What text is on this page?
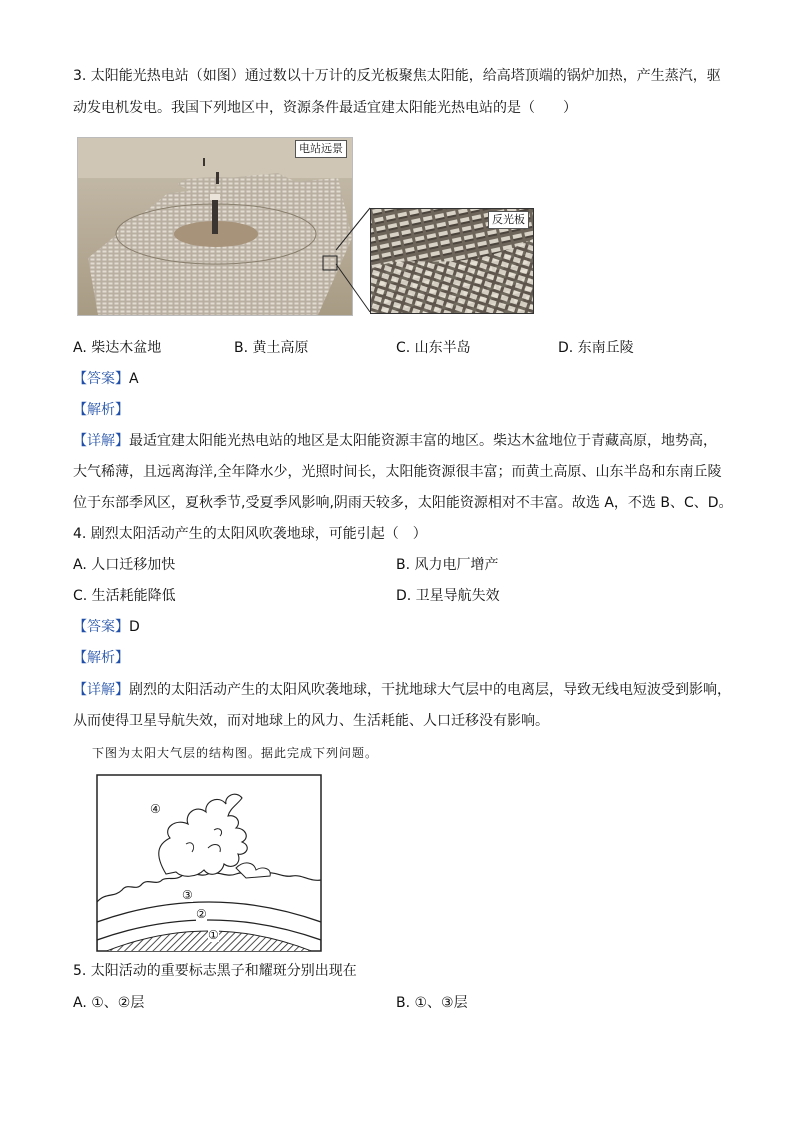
3. 太阳能光热电站（如图）通过数以十万计的反光板聚焦太阳能，给高塔顶端的锅炉加热，产生蒸汽，驱
动发电机发电。我国下列地区中，资源条件最适宜建太阳能光热电站的是（　　）
电站远景
反光板
A. 柴达木盆地	B. 黄土高原	C. 山东半岛	D. 东南丘陵
【答案】A
【解析】
【详解】最适宜建太阳能光热电站的地区是太阳能资源丰富的地区。柴达木盆地位于青藏高原，地势高，
大气稀薄，且远离海洋,全年降水少，光照时间长，太阳能资源很丰富；而黄土高原、山东半岛和东南丘陵
位于东部季风区，夏秋季节,受夏季风影响,阴雨天较多，太阳能资源相对不丰富。故选 A，不选 B、C、D。
4. 剧烈太阳活动产生的太阳风吹袭地球，可能引起（　）
A. 人口迁移加快	B. 风力电厂增产
C. 生活耗能降低	D. 卫星导航失效
【答案】D
【解析】
【详解】剧烈的太阳活动产生的太阳风吹袭地球，干扰地球大气层中的电离层，导致无线电短波受到影响，
从而使得卫星导航失效，而对地球上的风力、生活耗能、人口迁移没有影响。
下图为太阳大气层的结构图。据此完成下列问题。
④
③
②
①
5. 太阳活动的重要标志黑子和耀斑分别出现在
A. ①、②层	B. ①、③层
